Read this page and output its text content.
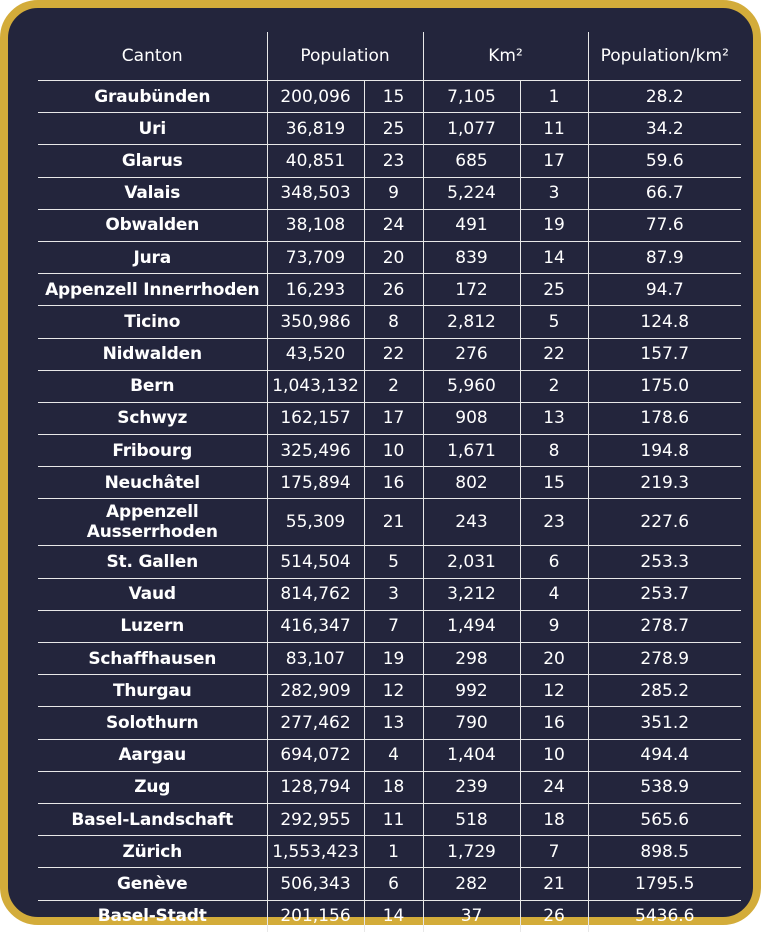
Canton	Population		Km²		Population/km²
Graubünden	200,096	15	7,105	1	28.2
Uri	36,819	25	1,077	11	34.2
Glarus	40,851	23	685	17	59.6
Valais	348,503	9	5,224	3	66.7
Obwalden	38,108	24	491	19	77.6
Jura	73,709	20	839	14	87.9
Appenzell Innerrhoden	16,293	26	172	25	94.7
Ticino	350,986	8	2,812	5	124.8
Nidwalden	43,520	22	276	22	157.7
Bern	1,043,132	2	5,960	2	175.0
Schwyz	162,157	17	908	13	178.6
Fribourg	325,496	10	1,671	8	194.8
Neuchâtel	175,894	16	802	15	219.3
Appenzell Ausserrhoden	55,309	21	243	23	227.6
St. Gallen	514,504	5	2,031	6	253.3
Vaud	814,762	3	3,212	4	253.7
Luzern	416,347	7	1,494	9	278.7
Schaffhausen	83,107	19	298	20	278.9
Thurgau	282,909	12	992	12	285.2
Solothurn	277,462	13	790	16	351.2
Aargau	694,072	4	1,404	10	494.4
Zug	128,794	18	239	24	538.9
Basel-Landschaft	292,955	11	518	18	565.6
Zürich	1,553,423	1	1,729	7	898.5
Genève	506,343	6	282	21	1795.5
Basel-Stadt	201,156	14	37	26	5436.6
